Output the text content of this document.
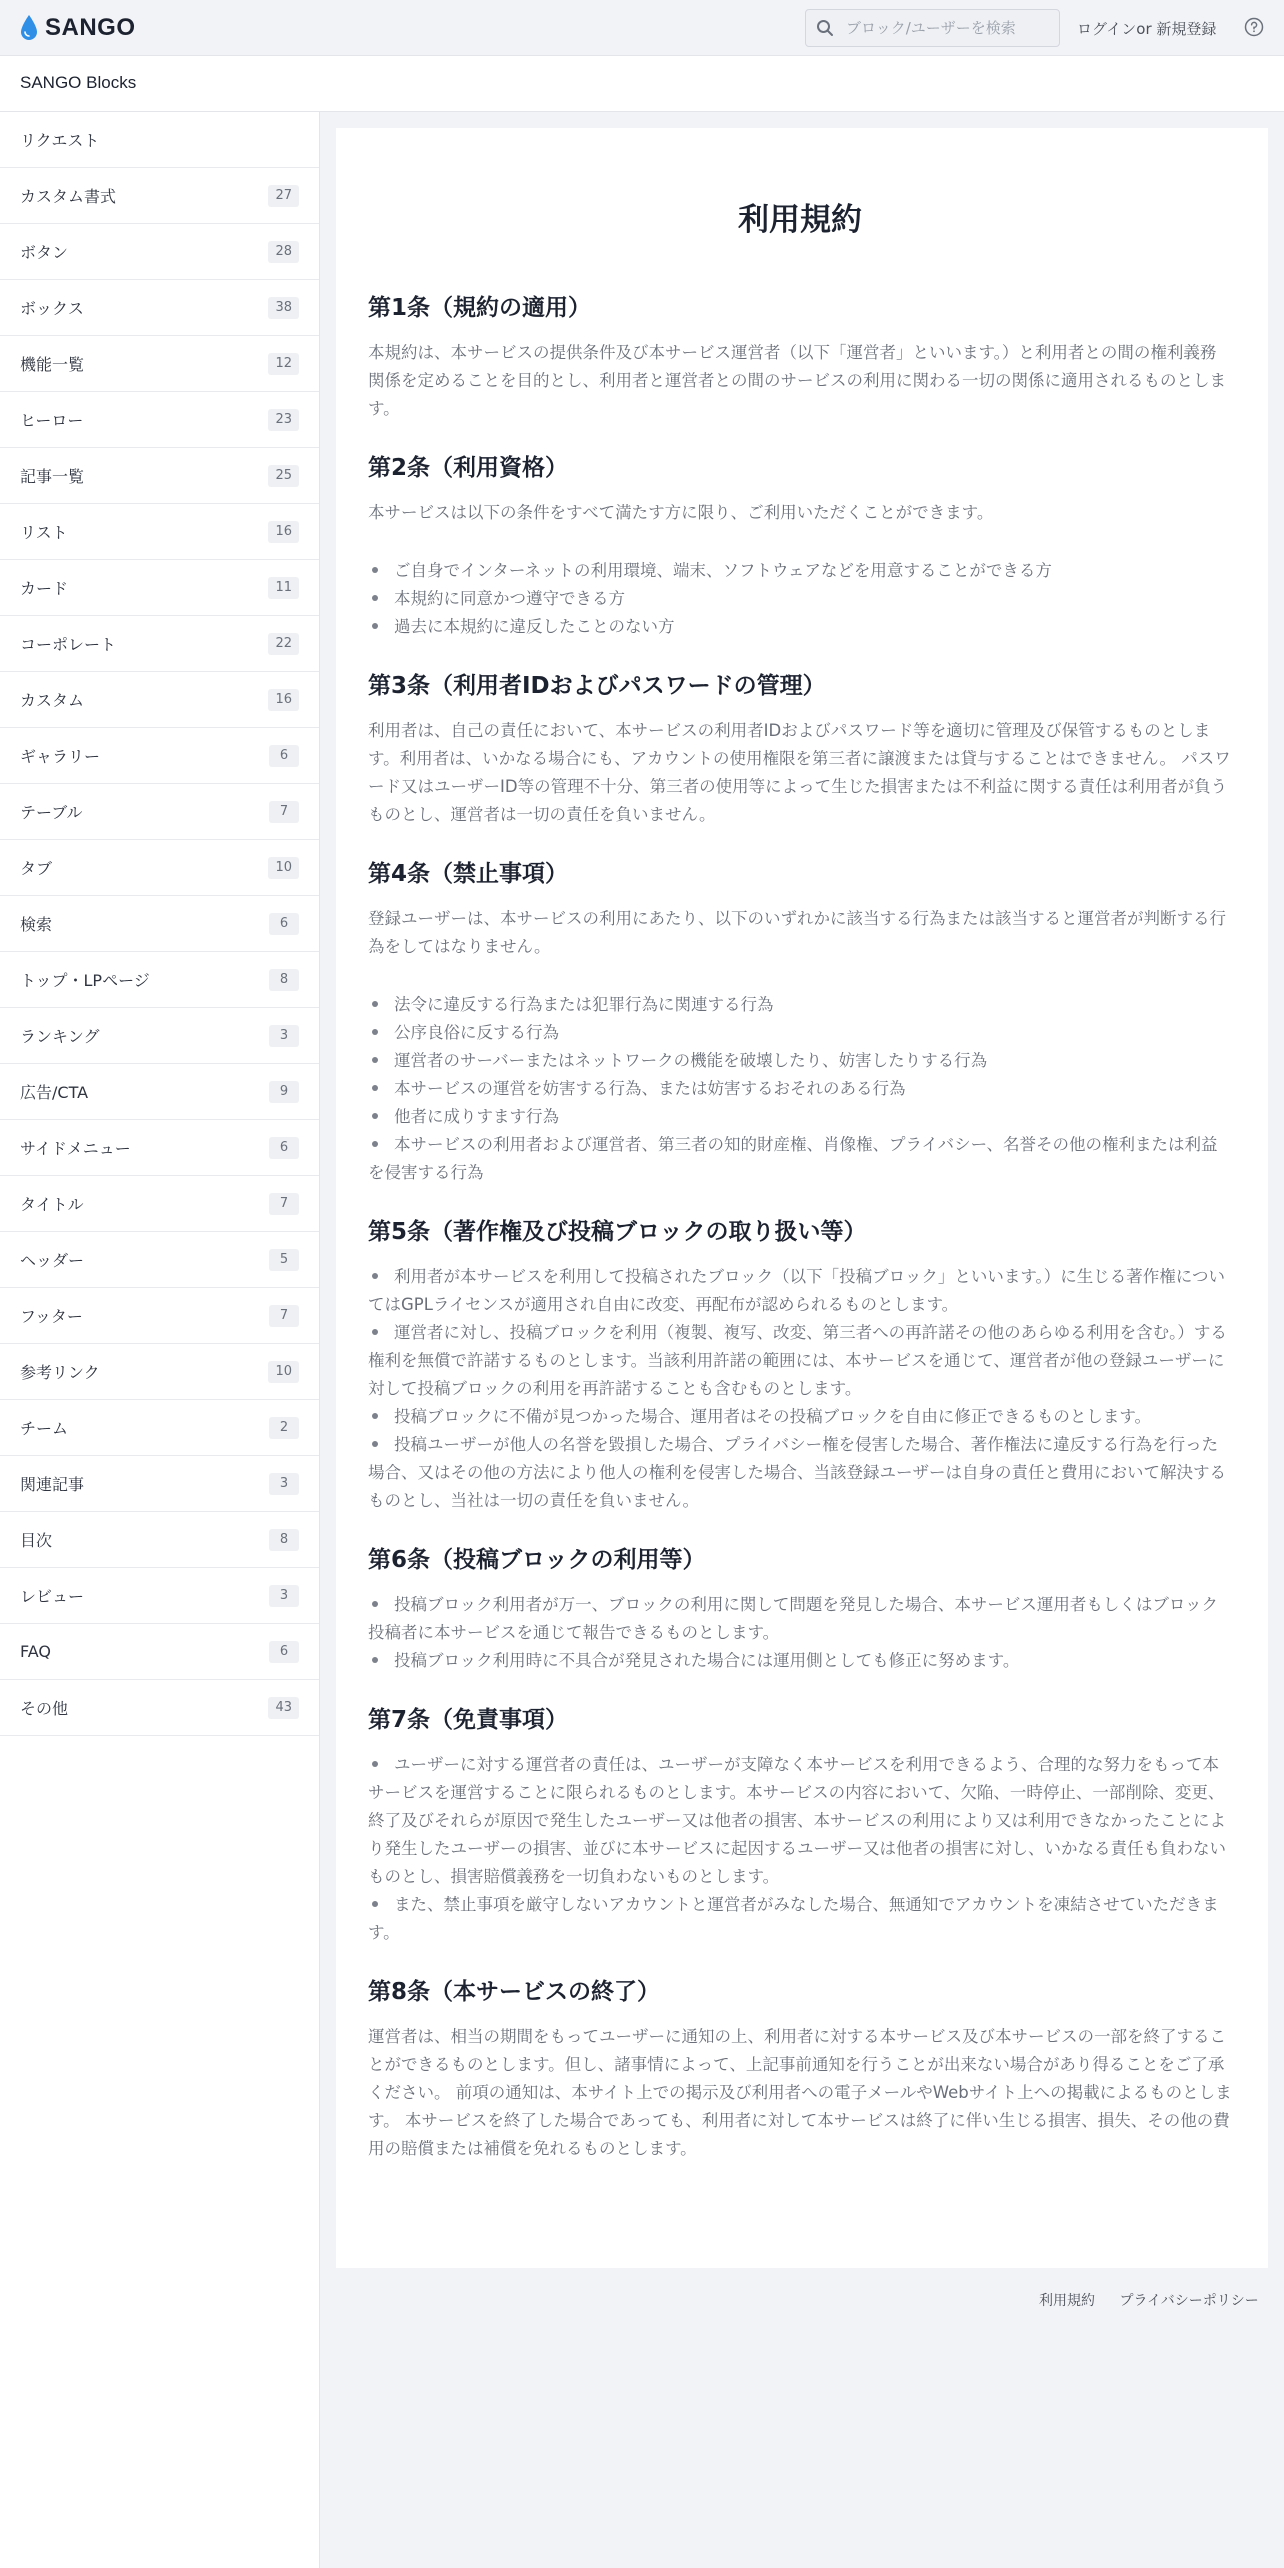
SANGO
ブロック/ユーザーを検索	ログインor 新規登録
SANGO Blocks
リクエスト
カスタム書式	27
ボタン	28
ボックス	38
機能一覧	12
ヒーロー	23
記事一覧	25
リスト	16
カード	11
コーポレート	22
カスタム	16
ギャラリー	6
テーブル	7
タブ	10
検索	6
トップ・LPページ	8
ランキング	3
広告/CTA	9
サイドメニュー	6
タイトル	7
ヘッダー	5
フッター	7
参考リンク	10
チーム	2
関連記事	3
目次	8
レビュー	3
FAQ	6
その他	43
利用規約
第1条（規約の適用）

本規約は、本サービスの提供条件及び本サービス運営者（以下「運営者」といいます。）と利用者との間の権利義務関係を定めることを目的とし、利用者と運営者との間のサービスの利用に関わる一切の関係に適用されるものとします。

第2条（利用資格）

本サービスは以下の条件をすべて満たす方に限り、ご利用いただくことができます。

ご自身でインターネットの利用環境、端末、ソフトウェアなどを用意することができる方
本規約に同意かつ遵守できる方
過去に本規約に違反したことのない方
第3条（利用者IDおよびパスワードの管理）

利用者は、自己の責任において、本サービスの利用者IDおよびパスワード等を適切に管理及び保管するものとします。利用者は、いかなる場合にも、アカウントの使用権限を第三者に譲渡または貸与することはできません。 パスワード又はユーザーID等の管理不十分、第三者の使用等によって生じた損害または不利益に関する責任は利用者が負うものとし、運営者は一切の責任を負いません。

第4条（禁止事項）

登録ユーザーは、本サービスの利用にあたり、以下のいずれかに該当する行為または該当すると運営者が判断する行為をしてはなりません。

法令に違反する行為または犯罪行為に関連する行為
公序良俗に反する行為
運営者のサーバーまたはネットワークの機能を破壊したり、妨害したりする行為
本サービスの運営を妨害する行為、または妨害するおそれのある行為
他者に成りすます行為
本サービスの利用者および運営者、第三者の知的財産権、肖像権、プライバシー、名誉その他の権利または利益を侵害する行為
第5条（著作権及び投稿ブロックの取り扱い等）
利用者が本サービスを利用して投稿されたブロック（以下「投稿ブロック」といいます。）に生じる著作権についてはGPLライセンスが適用され自由に改変、再配布が認められるものとします。
運営者に対し、投稿ブロックを利用（複製、複写、改変、第三者への再許諾その他のあらゆる利用を含む。）する権利を無償で許諾するものとします。当該利用許諾の範囲には、本サービスを通じて、運営者が他の登録ユーザーに対して投稿ブロックの利用を再許諾することも含むものとします。
投稿ブロックに不備が見つかった場合、運用者はその投稿ブロックを自由に修正できるものとします。
投稿ユーザーが他人の名誉を毀損した場合、プライバシー権を侵害した場合、著作権法に違反する行為を行った場合、又はその他の方法により他人の権利を侵害した場合、当該登録ユーザーは自身の責任と費用において解決するものとし、当社は一切の責任を負いません。
第6条（投稿ブロックの利用等）
投稿ブロック利用者が万一、ブロックの利用に関して問題を発見した場合、本サービス運用者もしくはブロック投稿者に本サービスを通じて報告できるものとします。
投稿ブロック利用時に不具合が発見された場合には運用側としても修正に努めます。
第7条（免責事項）
ユーザーに対する運営者の責任は、ユーザーが支障なく本サービスを利用できるよう、合理的な努力をもって本サービスを運営することに限られるものとします。本サービスの内容において、欠陥、一時停止、一部削除、変更、終了及びそれらが原因で発生したユーザー又は他者の損害、本サービスの利用により又は利用できなかったことにより発生したユーザーの損害、並びに本サービスに起因するユーザー又は他者の損害に対し、いかなる責任も負わないものとし、損害賠償義務を一切負わないものとします。
また、禁止事項を厳守しないアカウントと運営者がみなした場合、無通知でアカウントを凍結させていただきます。
第8条（本サービスの終了）

運営者は、相当の期間をもってユーザーに通知の上、利用者に対する本サービス及び本サービスの一部を終了することができるものとします。但し、諸事情によって、上記事前通知を行うことが出来ない場合があり得ることをご了承ください。 前項の通知は、本サイト上での掲示及び利用者への電子メールやWebサイト上への掲載によるものとします。 本サービスを終了した場合であっても、利用者に対して本サービスは終了に伴い生じる損害、損失、その他の費用の賠償または補償を免れるものとします。

利用規約 プライバシーポリシー
